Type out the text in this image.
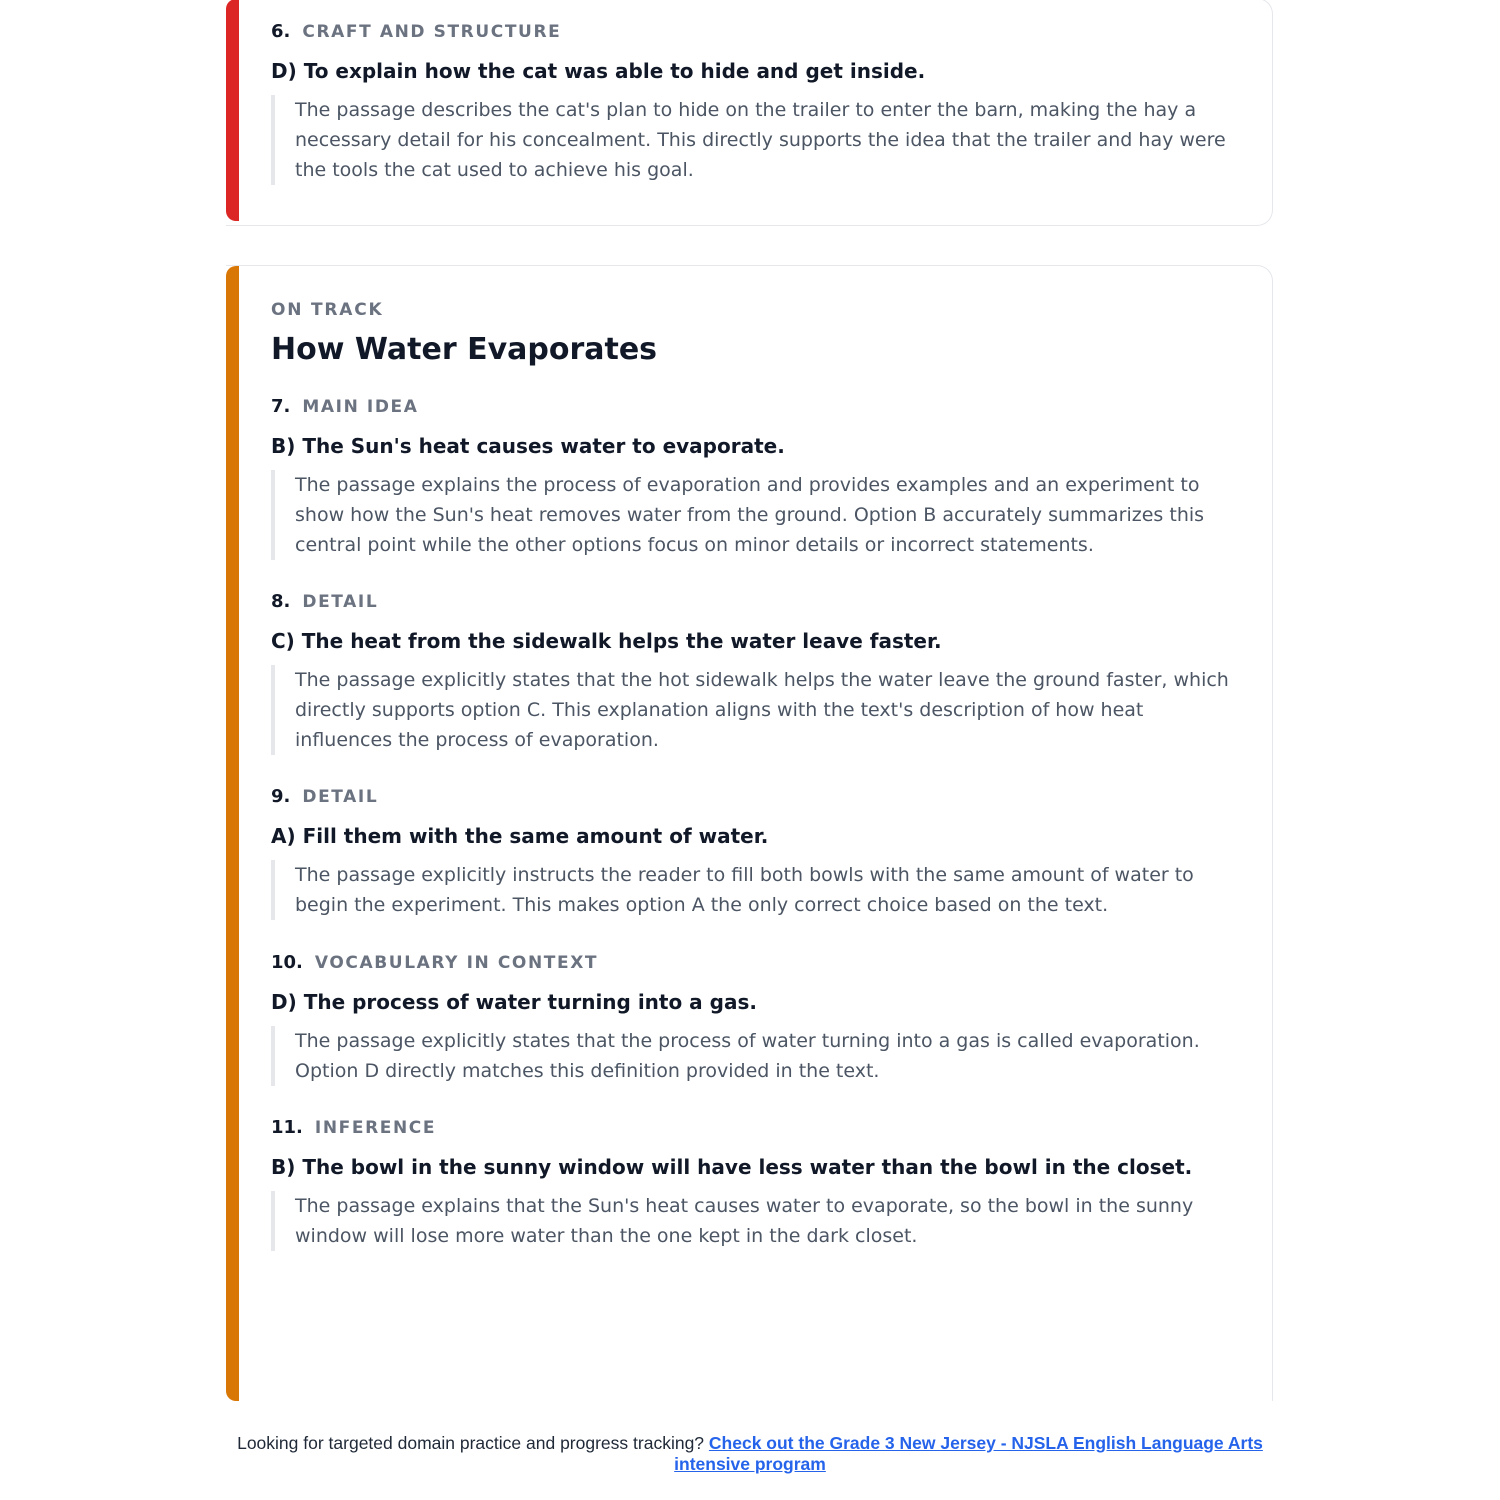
6. CRAFT AND STRUCTURE
D) To explain how the cat was able to hide and get inside.
The passage describes the cat's plan to hide on the trailer to enter the barn, making the hay a necessary detail for his concealment. This directly supports the idea that the trailer and hay were the tools the cat used to achieve his goal.
ON TRACK
How Water Evaporates
7. MAIN IDEA
B) The Sun's heat causes water to evaporate.
The passage explains the process of evaporation and provides examples and an experiment to show how the Sun's heat removes water from the ground. Option B accurately summarizes this central point while the other options focus on minor details or incorrect statements.
8. DETAIL
C) The heat from the sidewalk helps the water leave faster.
The passage explicitly states that the hot sidewalk helps the water leave the ground faster, which directly supports option C. This explanation aligns with the text's description of how heat influences the process of evaporation.
9. DETAIL
A) Fill them with the same amount of water.
The passage explicitly instructs the reader to fill both bowls with the same amount of water to begin the experiment. This makes option A the only correct choice based on the text.
10. VOCABULARY IN CONTEXT
D) The process of water turning into a gas.
The passage explicitly states that the process of water turning into a gas is called evaporation. Option D directly matches this definition provided in the text.
11. INFERENCE
B) The bowl in the sunny window will have less water than the bowl in the closet.
The passage explains that the Sun's heat causes water to evaporate, so the bowl in the sunny window will lose more water than the one kept in the dark closet.
Looking for targeted domain practice and progress tracking? Check out the Grade 3 New Jersey - NJSLA English Language Arts intensive program
